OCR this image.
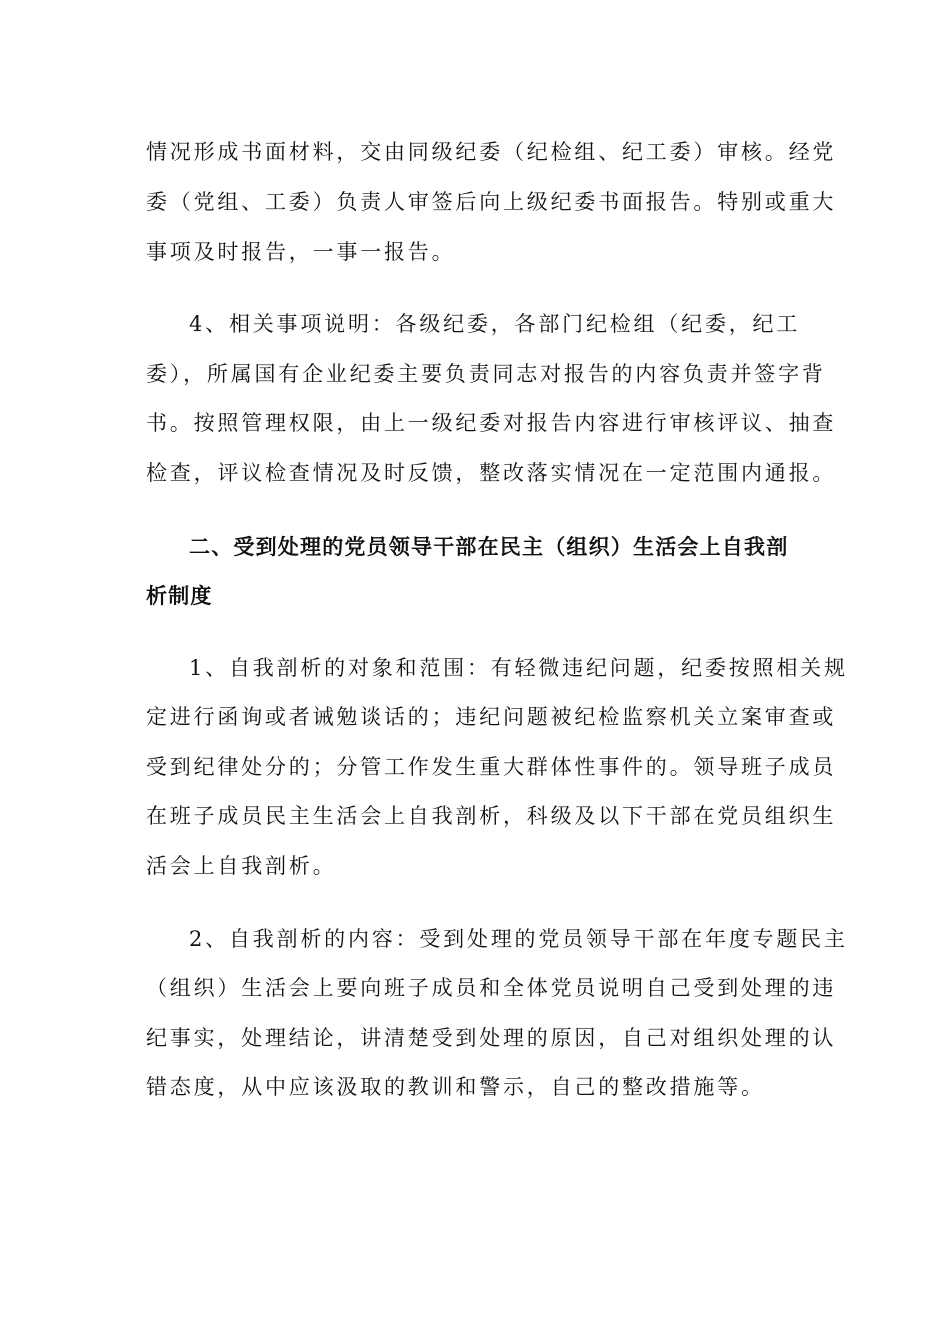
情况形成书面材料，交由同级纪委（纪检组、纪工委）审核。经党
委（党组、工委）负责人审签后向上级纪委书面报告。特别或重大
事项及时报告，一事一报告。
4、相关事项说明：各级纪委，各部门纪检组（纪委，纪工
委），所属国有企业纪委主要负责同志对报告的内容负责并签字背
书。按照管理权限，由上一级纪委对报告内容进行审核评议、抽查
检查，评议检查情况及时反馈，整改落实情况在一定范围内通报。
二、受到处理的党员领导干部在民主（组织）生活会上自我剖
析制度
1、自我剖析的对象和范围：有轻微违纪问题，纪委按照相关规
定进行函询或者诫勉谈话的；违纪问题被纪检监察机关立案审查或
受到纪律处分的；分管工作发生重大群体性事件的。领导班子成员
在班子成员民主生活会上自我剖析，科级及以下干部在党员组织生
活会上自我剖析。
2、自我剖析的内容：受到处理的党员领导干部在年度专题民主
（组织）生活会上要向班子成员和全体党员说明自己受到处理的违
纪事实，处理结论，讲清楚受到处理的原因，自己对组织处理的认
错态度，从中应该汲取的教训和警示，自己的整改措施等。
